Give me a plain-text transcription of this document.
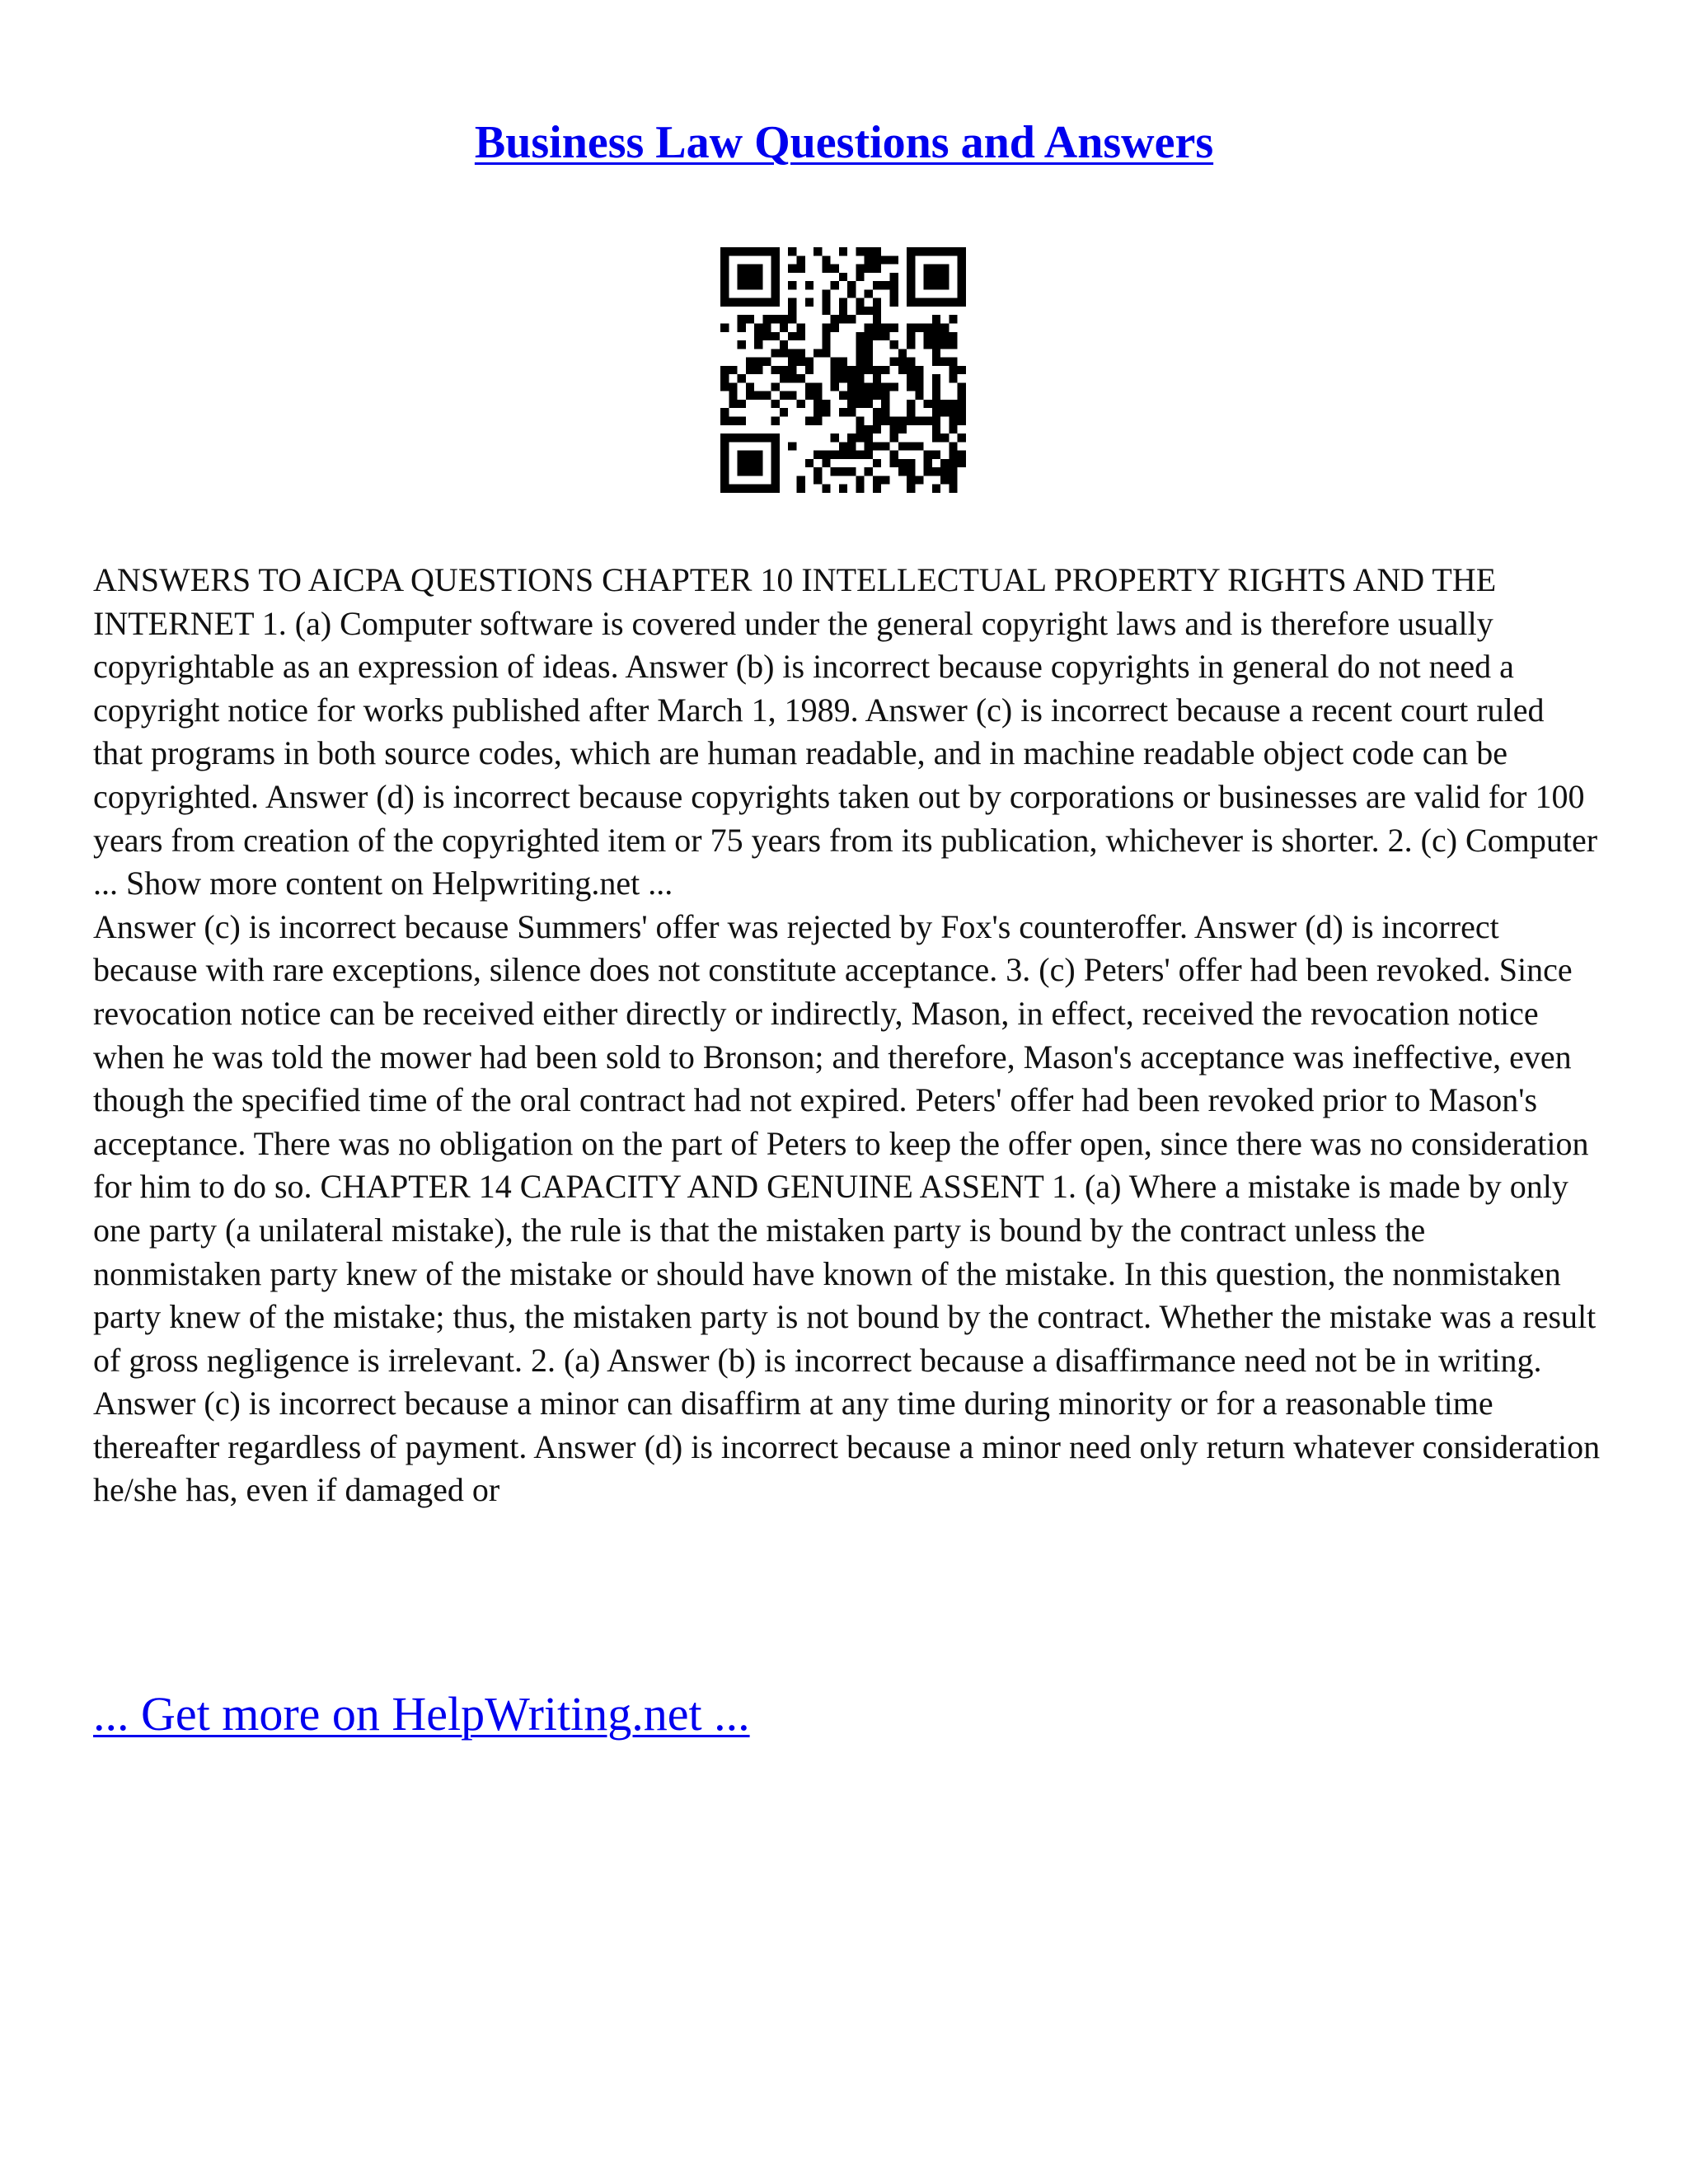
Business Law Questions and Answers

ANSWERS TO AICPA QUESTIONS CHAPTER 10 INTELLECTUAL PROPERTY RIGHTS AND THE INTERNET 1. (a) Computer software is covered under the general copyright laws and is therefore usually copyrightable as an expression of ideas. Answer (b) is incorrect because copyrights in general do not need a copyright notice for works published after March 1, 1989. Answer (c) is incorrect because a recent court ruled that programs in both source codes, which are human readable, and in machine readable object code can be copyrighted. Answer (d) is incorrect because copyrights taken out by corporations or businesses are valid for 100 years from creation of the copyrighted item or 75 years from its publication, whichever is shorter. 2. (c) Computer ... Show more content on Helpwriting.net ...

Answer (c) is incorrect because Summers' offer was rejected by Fox's counteroffer. Answer (d) is incorrect because with rare exceptions, silence does not constitute acceptance. 3. (c) Peters' offer had been revoked. Since revocation notice can be received either directly or indirectly, Mason, in effect, received the revocation notice when he was told the mower had been sold to Bronson; and therefore, Mason's acceptance was ineffective, even though the specified time of the oral contract had not expired. Peters' offer had been revoked prior to Mason's acceptance. There was no obligation on the part of Peters to keep the offer open, since there was no consideration for him to do so. CHAPTER 14 CAPACITY AND GENUINE ASSENT 1. (a) Where a mistake is made by only one party (a unilateral mistake), the rule is that the mistaken party is bound by the contract unless the nonmistaken party knew of the mistake or should have known of the mistake. In this question, the nonmistaken party knew of the mistake; thus, the mistaken party is not bound by the contract. Whether the mistake was a result of gross negligence is irrelevant. 2. (a) Answer (b) is incorrect because a disaffirmance need not be in writing. Answer (c) is incorrect because a minor can disaffirm at any time during minority or for a reasonable time thereafter regardless of payment. Answer (d) is incorrect because a minor need only return whatever consideration he/she has, even if damaged or

... Get more on HelpWriting.net ...
